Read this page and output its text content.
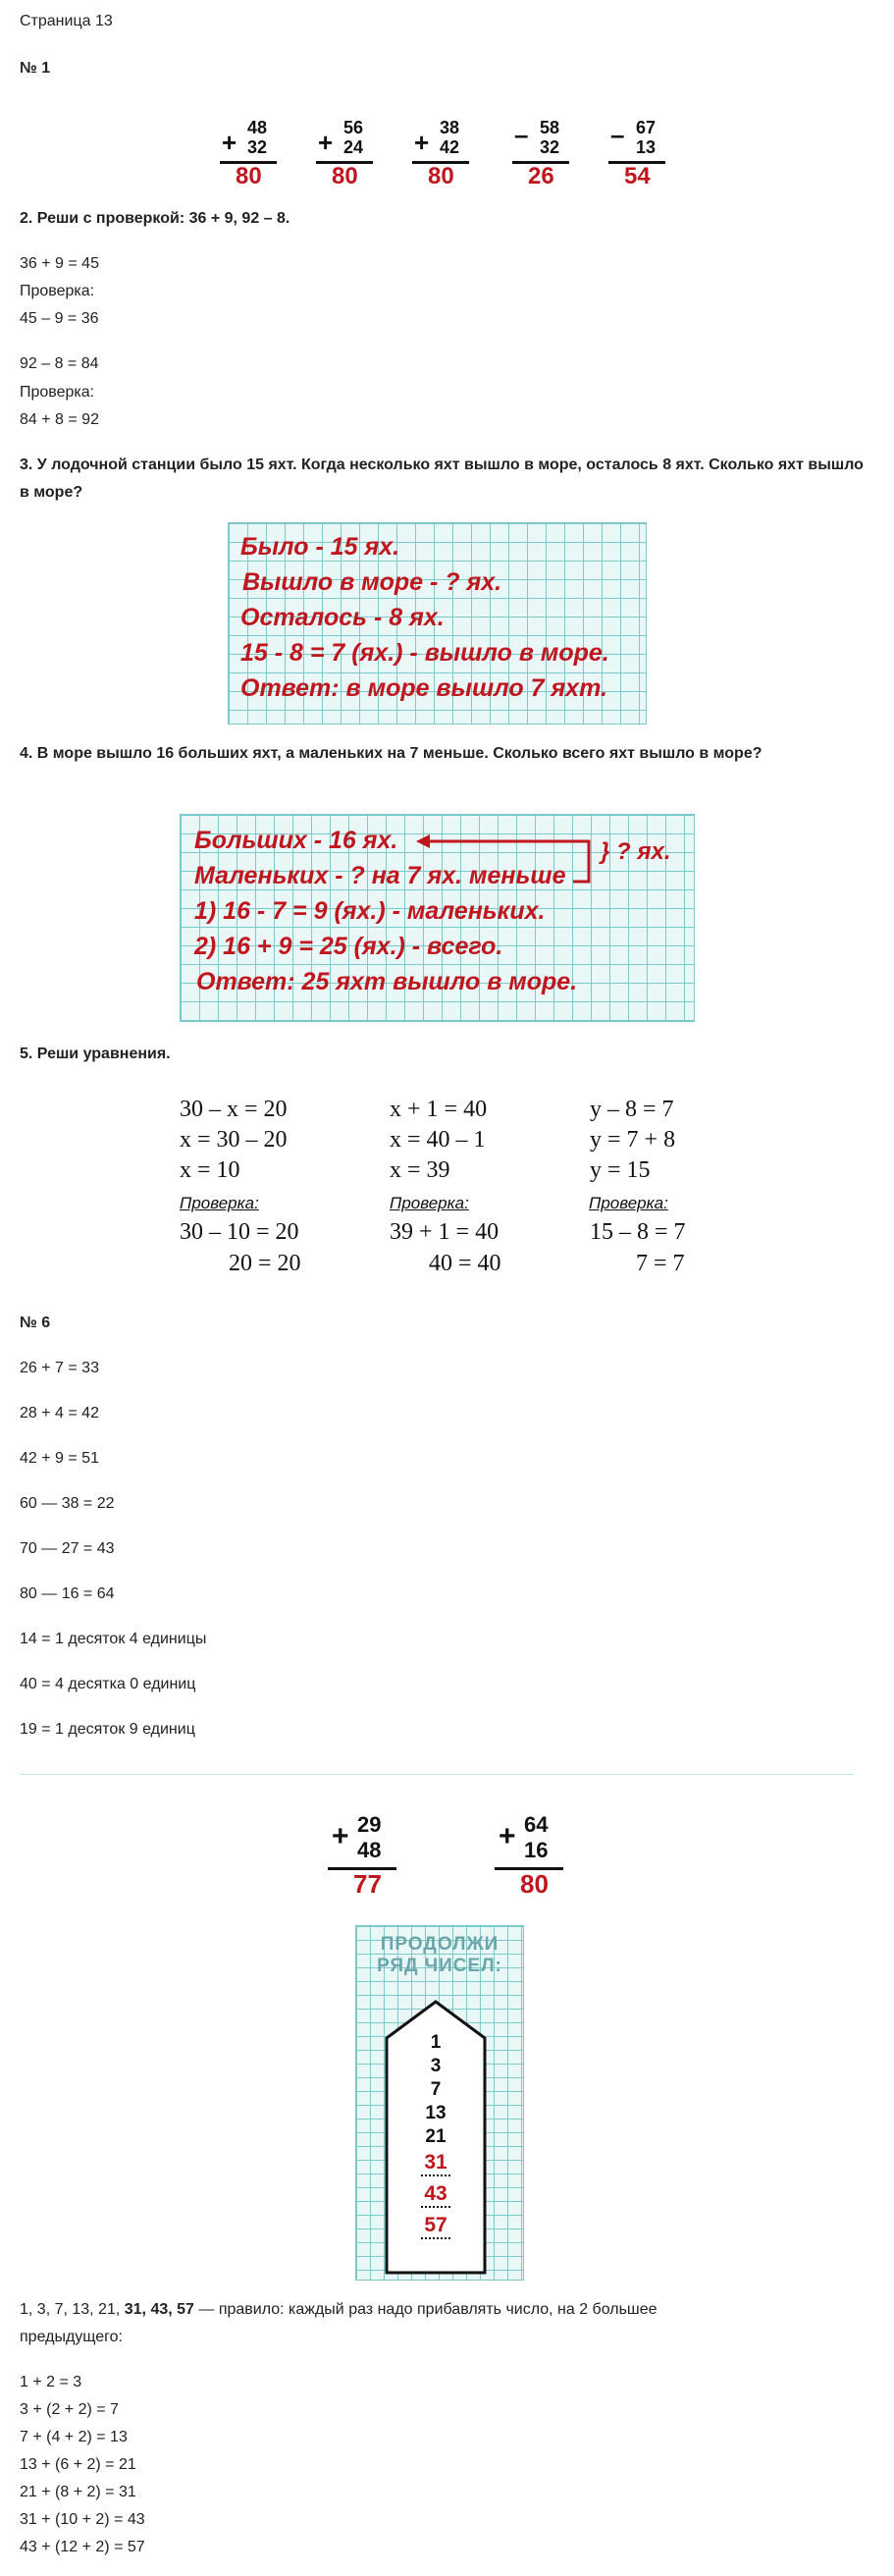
Страница 13
№ 1
+ 48
32
80
+ 56
24
80
+ 38
42
80
– 58
32
26
– 67
13
54
2. Реши с проверкой: 36 + 9, 92 – 8.
36 + 9 = 45
Проверка:
45 – 9 = 36
92 – 8 = 84
Проверка:
84 + 8 = 92
3. У лодочной станции было 15 яхт. Когда несколько яхт вышло в море, осталось 8 яхт. Сколько яхт вышло в море?
Было - 15 ях.
Вышло в море - ? ях.
Осталось - 8 ях.
15 - 8 = 7 (ях.) - вышло в море.
Ответ: в море вышло 7 яхт.
4. В море вышло 16 больших яхт, а маленьких на 7 меньше. Сколько всего яхт вышло в море?
Больших - 16 ях.
Маленьких - ? на 7 ях. меньше
1) 16 - 7 = 9 (ях.) - маленьких.
2) 16 + 9 = 25 (ях.) - всего.
Ответ: 25 яхт вышло в море.
} ? ях.
5. Реши уравнения.
30 – x = 20
x = 30 – 20
x = 10
Проверка:
30 – 10 = 20
20 = 20
x + 1 = 40
x = 40 – 1
x = 39
Проверка:
39 + 1 = 40
40 = 40
y – 8 = 7
y = 7 + 8
y = 15
Проверка:
15 – 8 = 7
7 = 7
№ 6
26 + 7 = 33
28 + 4 = 42
42 + 9 = 51
60 — 38 = 22
70 — 27 = 43
80 — 16 = 64
14 = 1 десяток 4 единицы
40 = 4 десятка 0 единиц
19 = 1 десяток 9 единиц
+ 29
48
77
+ 64
16
80
ПРОДОЛЖИ
РЯД ЧИСЕЛ:
1
3
7
13
21
31
43
57
1, 3, 7, 13, 21, 31, 43, 57 — правило: каждый раз надо прибавлять число, на 2 большее
предыдущего:
1 + 2 = 3
3 + (2 + 2) = 7
7 + (4 + 2) = 13
13 + (6 + 2) = 21
21 + (8 + 2) = 31
31 + (10 + 2) = 43
43 + (12 + 2) = 57
